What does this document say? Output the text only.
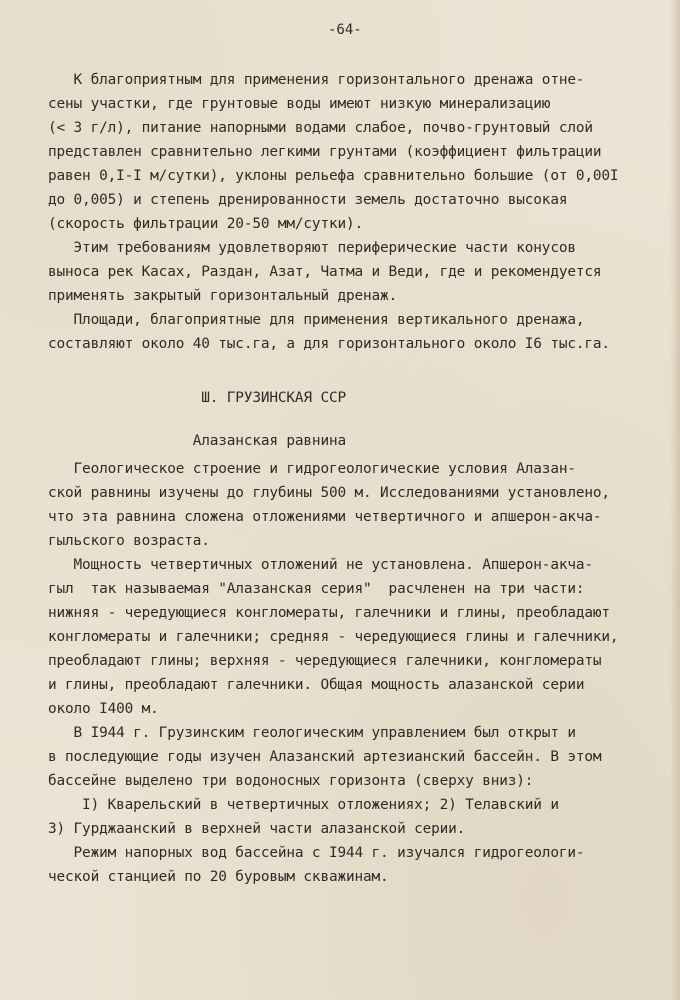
-64-
К благоприятным для применения горизонтального дренажа отне-
сены участки, где грунтовые воды имеют низкую минерализацию
(< 3 г/л), питание напорными водами слабое, почво-грунтовый слой
представлен сравнительно легкими грунтами (коэффициент фильтрации
равен 0,I-I м/сутки), уклоны рельефа сравнительно большие (от 0,00I
до 0,005) и степень дренированности земель достаточно высокая
(скорость фильтрации 20-50 мм/сутки).
Этим требованиям удовлетворяют периферические части конусов
выноса рек Касах, Раздан, Азат, Чатма и Веди, где и рекомендуется
применять закрытый горизонтальный дренаж.
Площади, благоприятные для применения вертикального дренажа,
составляют около 40 тыс.га, а для горизонтального около I6 тыс.га.
Ш. ГРУЗИНСКАЯ ССР
Алазанская равнина
Геологическое строение и гидрогеологические условия Алазан-
ской равнины изучены до глубины 500 м. Исследованиями установлено,
что эта равнина сложена отложениями четвертичного и апшерон-акча-
гыльского возраста.
Мощность четвертичных отложений не установлена. Апшерон-акча-
гыл  так называемая "Алазанская серия"  расчленен на три части:
нижняя - чередующиеся конгломераты, галечники и глины, преобладают
конгломераты и галечники; средняя - чередующиеся глины и галечники,
преобладают глины; верхняя - чередующиеся галечники, конгломераты
и глины, преобладают галечники. Общая мощность алазанской серии
около I400 м.
В I944 г. Грузинским геологическим управлением был открыт и
в последующие годы изучен Алазанский артезианский бассейн. В этом
бассейне выделено три водоносных горизонта (сверху вниз):
I) Кварельский в четвертичных отложениях; 2) Телавский и
3) Гурджаанский в верхней части алазанской серии.
Режим напорных вод бассейна с I944 г. изучался гидрогеологи-
ческой станцией по 20 буровым скважинам.
